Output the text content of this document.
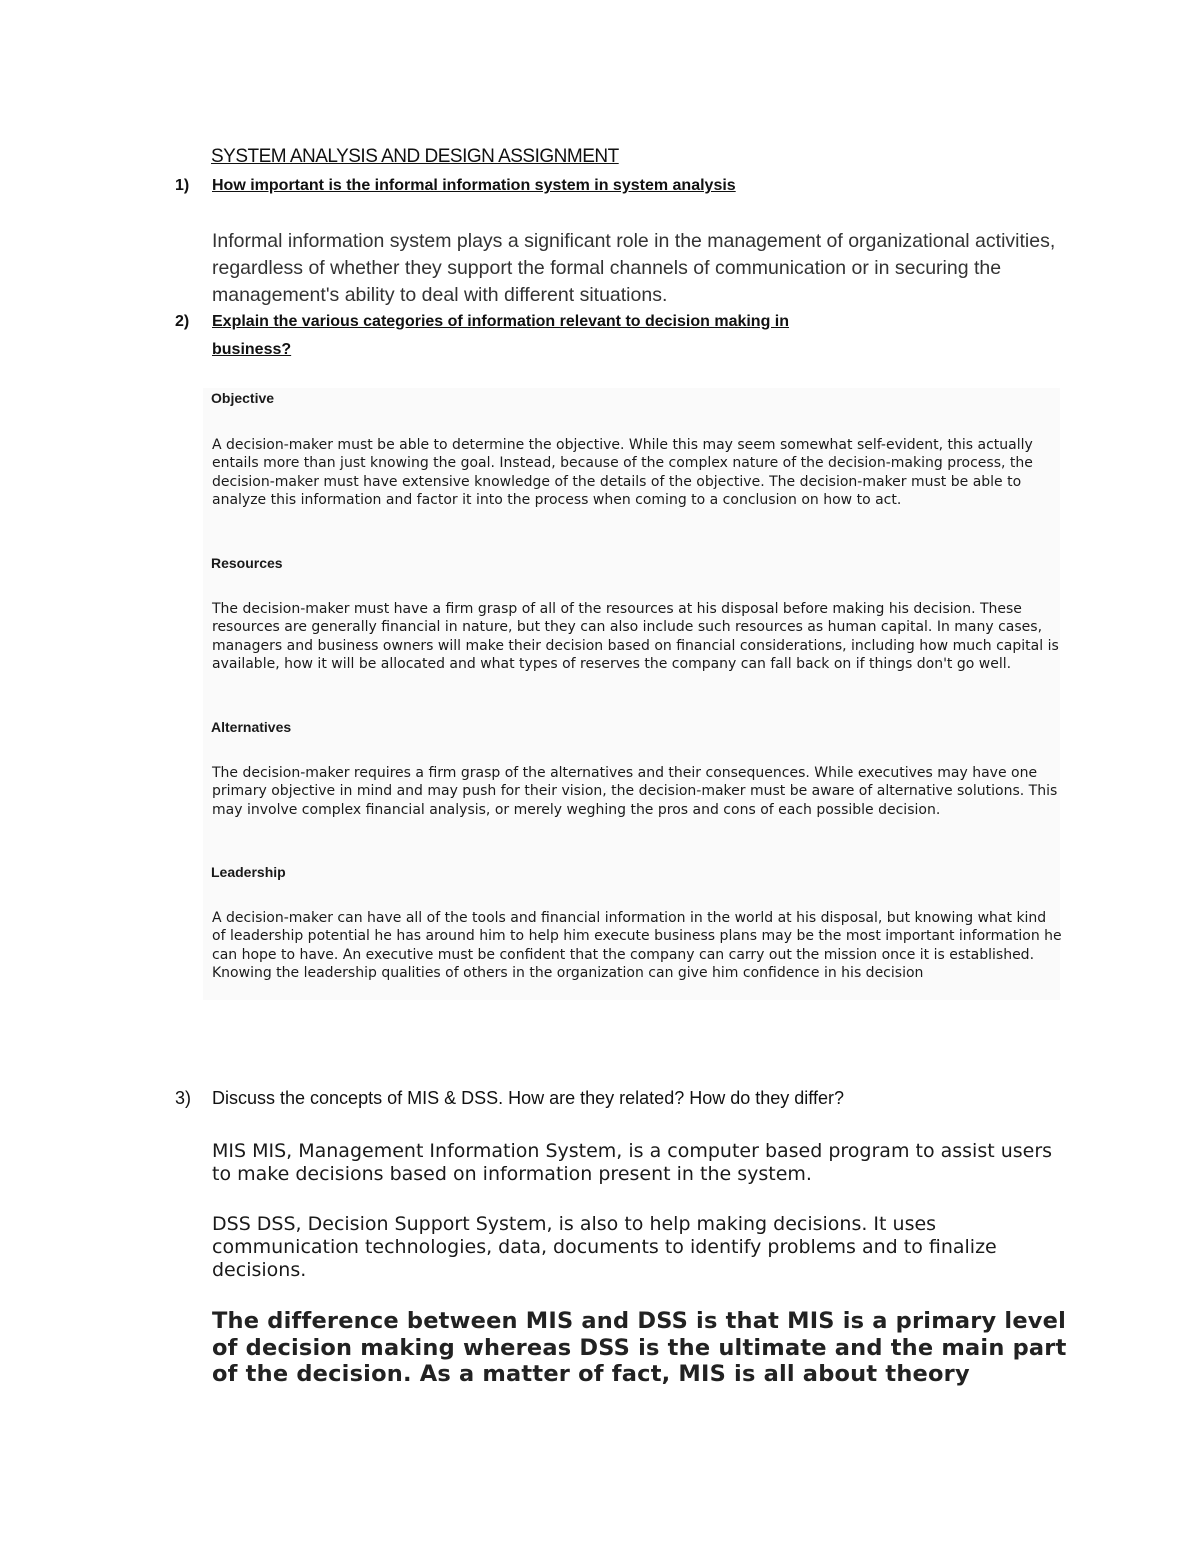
SYSTEM ANALYSIS AND DESIGN ASSIGNMENT
1) How important is the informal information system in system analysis
Informal information system plays a significant role in the management of organizational activities, regardless of whether they support the formal channels of communication or in securing the management's ability to deal with different situations.
2) Explain the various categories of information relevant to decision making in
business?
Objective
A decision-maker must be able to determine the objective. While this may seem somewhat self-evident, this actually entails more than just knowing the goal. Instead, because of the complex nature of the decision-making process, the decision-maker must have extensive knowledge of the details of the objective. The decision-maker must be able to analyze this information and factor it into the process when coming to a conclusion on how to act.
Resources
The decision-maker must have a firm grasp of all of the resources at his disposal before making his decision. These resources are generally financial in nature, but they can also include such resources as human capital. In many cases, managers and business owners will make their decision based on financial considerations, including how much capital is available, how it will be allocated and what types of reserves the company can fall back on if things don't go well.
Alternatives
The decision-maker requires a firm grasp of the alternatives and their consequences. While executives may have one primary objective in mind and may push for their vision, the decision-maker must be aware of alternative solutions. This may involve complex financial analysis, or merely weghing the pros and cons of each possible decision.
Leadership
A decision-maker can have all of the tools and financial information in the world at his disposal, but knowing what kind of leadership potential he has around him to help him execute business plans may be the most important information he can hope to have. An executive must be confident that the company can carry out the mission once it is established. Knowing the leadership qualities of others in the organization can give him confidence in his decision
3) Discuss the concepts of MIS & DSS. How are they related? How do they differ?
MIS MIS, Management Information System, is a computer based program to assist users to make decisions based on information present in the system.
DSS DSS, Decision Support System, is also to help making decisions. It uses communication technologies, data, documents to identify problems and to finalize decisions.
The difference between MIS and DSS is that MIS is a primary level of decision making whereas DSS is the ultimate and the main part of the decision. As a matter of fact, MIS is all about theory
